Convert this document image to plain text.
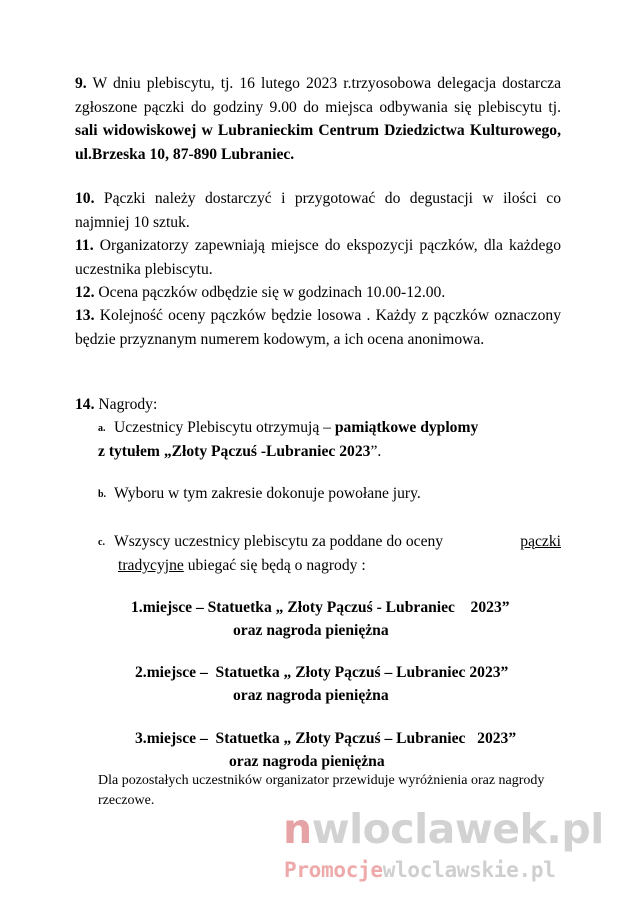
9. W dniu plebiscytu, tj. 16 lutego 2023 r.trzyosobowa delegacja dostarcza zgłoszone pączki do godziny 9.00 do miejsca odbywania się plebiscytu tj. sali widowiskowej w Lubranieckim Centrum Dziedzictwa Kulturowego, ul.Brzeska 10, 87-890 Lubraniec.
10. Pączki należy dostarczyć i przygotować do degustacji w ilości co najmniej 10 sztuk.
11. Organizatorzy zapewniają miejsce do ekspozycji pączków, dla każdego uczestnika plebiscytu.
12. Ocena pączków odbędzie się w godzinach 10.00-12.00.
13. Kolejność oceny pączków będzie losowa . Każdy z pączków oznaczony będzie przyznanym numerem kodowym, a ich ocena anonimowa.
14. Nagrody:
a. Uczestnicy Plebiscytu otrzymują – pamiątkowe dyplomy
z tytułem „Złoty Pączuś -Lubraniec 2023”.
b. Wyboru w tym zakresie dokonuje powołane jury.
c. Wszyscy uczestnicy plebiscytu za poddane do oceny	pączki
tradycyjne ubiegać się będą o nagrody :
1.miejsce – Statuetka „ Złoty Pączuś - Lubraniec    2023”
oraz nagroda pieniężna
2.miejsce –  Statuetka „ Złoty Pączuś – Lubraniec 2023”
oraz nagroda pieniężna
3.miejsce –  Statuetka „ Złoty Pączuś – Lubraniec   2023”
oraz nagroda pieniężna
Dla pozostałych uczestników organizator przewiduje wyróżnienia oraz nagrody rzeczowe.
nwloclawek.pl
Promocjewloclawskie.pl
